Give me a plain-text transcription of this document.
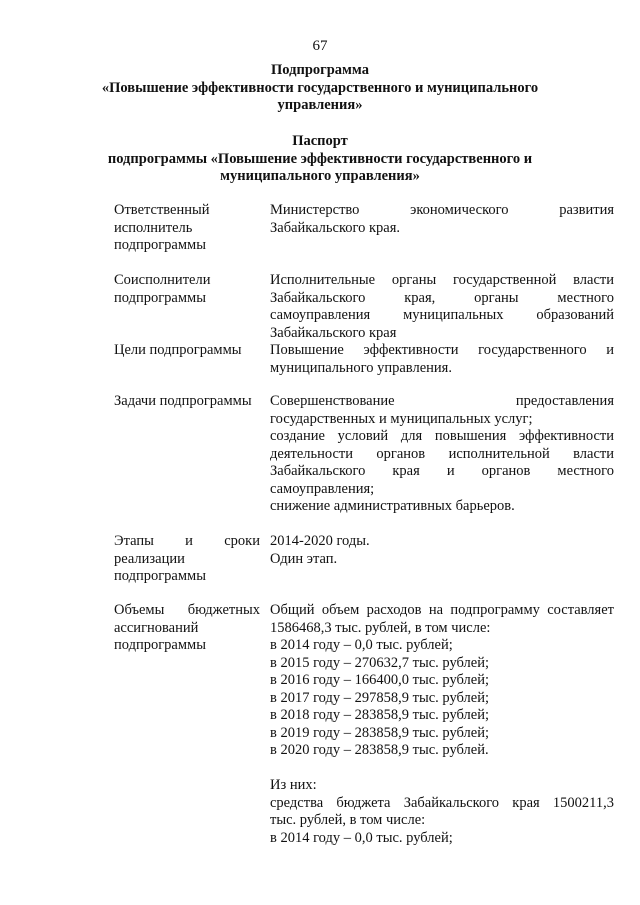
67
Подпрограмма
«Повышение эффективности государственного и муниципального
управления»
Паспорт
подпрограммы «Повышение эффективности государственного и
муниципального управления»
Ответственный
исполнитель
подпрограммы
Министерство экономического развития
Забайкальского края.
Соисполнители
подпрограммы
Исполнительные органы государственной власти
Забайкальского края, органы местного
самоуправления муниципальных образований
Забайкальского края
Цели подпрограммы	Повышение эффективности государственного и
муниципального управления.
Задачи подпрограммы	Совершенствование предоставления
государственных и муниципальных услуг;
создание условий для повышения эффективности
деятельности органов исполнительной власти
Забайкальского края и органов местного
самоуправления;
снижение административных барьеров.
Этапы и сроки
реализации
подпрограммы
2014-2020 годы.
Один этап.
Объемы бюджетных
ассигнований
подпрограммы
Общий объем расходов на подпрограмму составляет
1586468,3 тыс. рублей, в том числе:
в 2014 году – 0,0 тыс. рублей;
в 2015 году – 270632,7 тыс. рублей;
в 2016 году – 166400,0 тыс. рублей;
в 2017 году – 297858,9 тыс. рублей;
в 2018 году – 283858,9 тыс. рублей;
в 2019 году – 283858,9 тыс. рублей;
в 2020 году – 283858,9 тыс. рублей.
Из них:
средства бюджета Забайкальского края 1500211,3
тыс. рублей, в том числе:
в 2014 году – 0,0 тыс. рублей;
